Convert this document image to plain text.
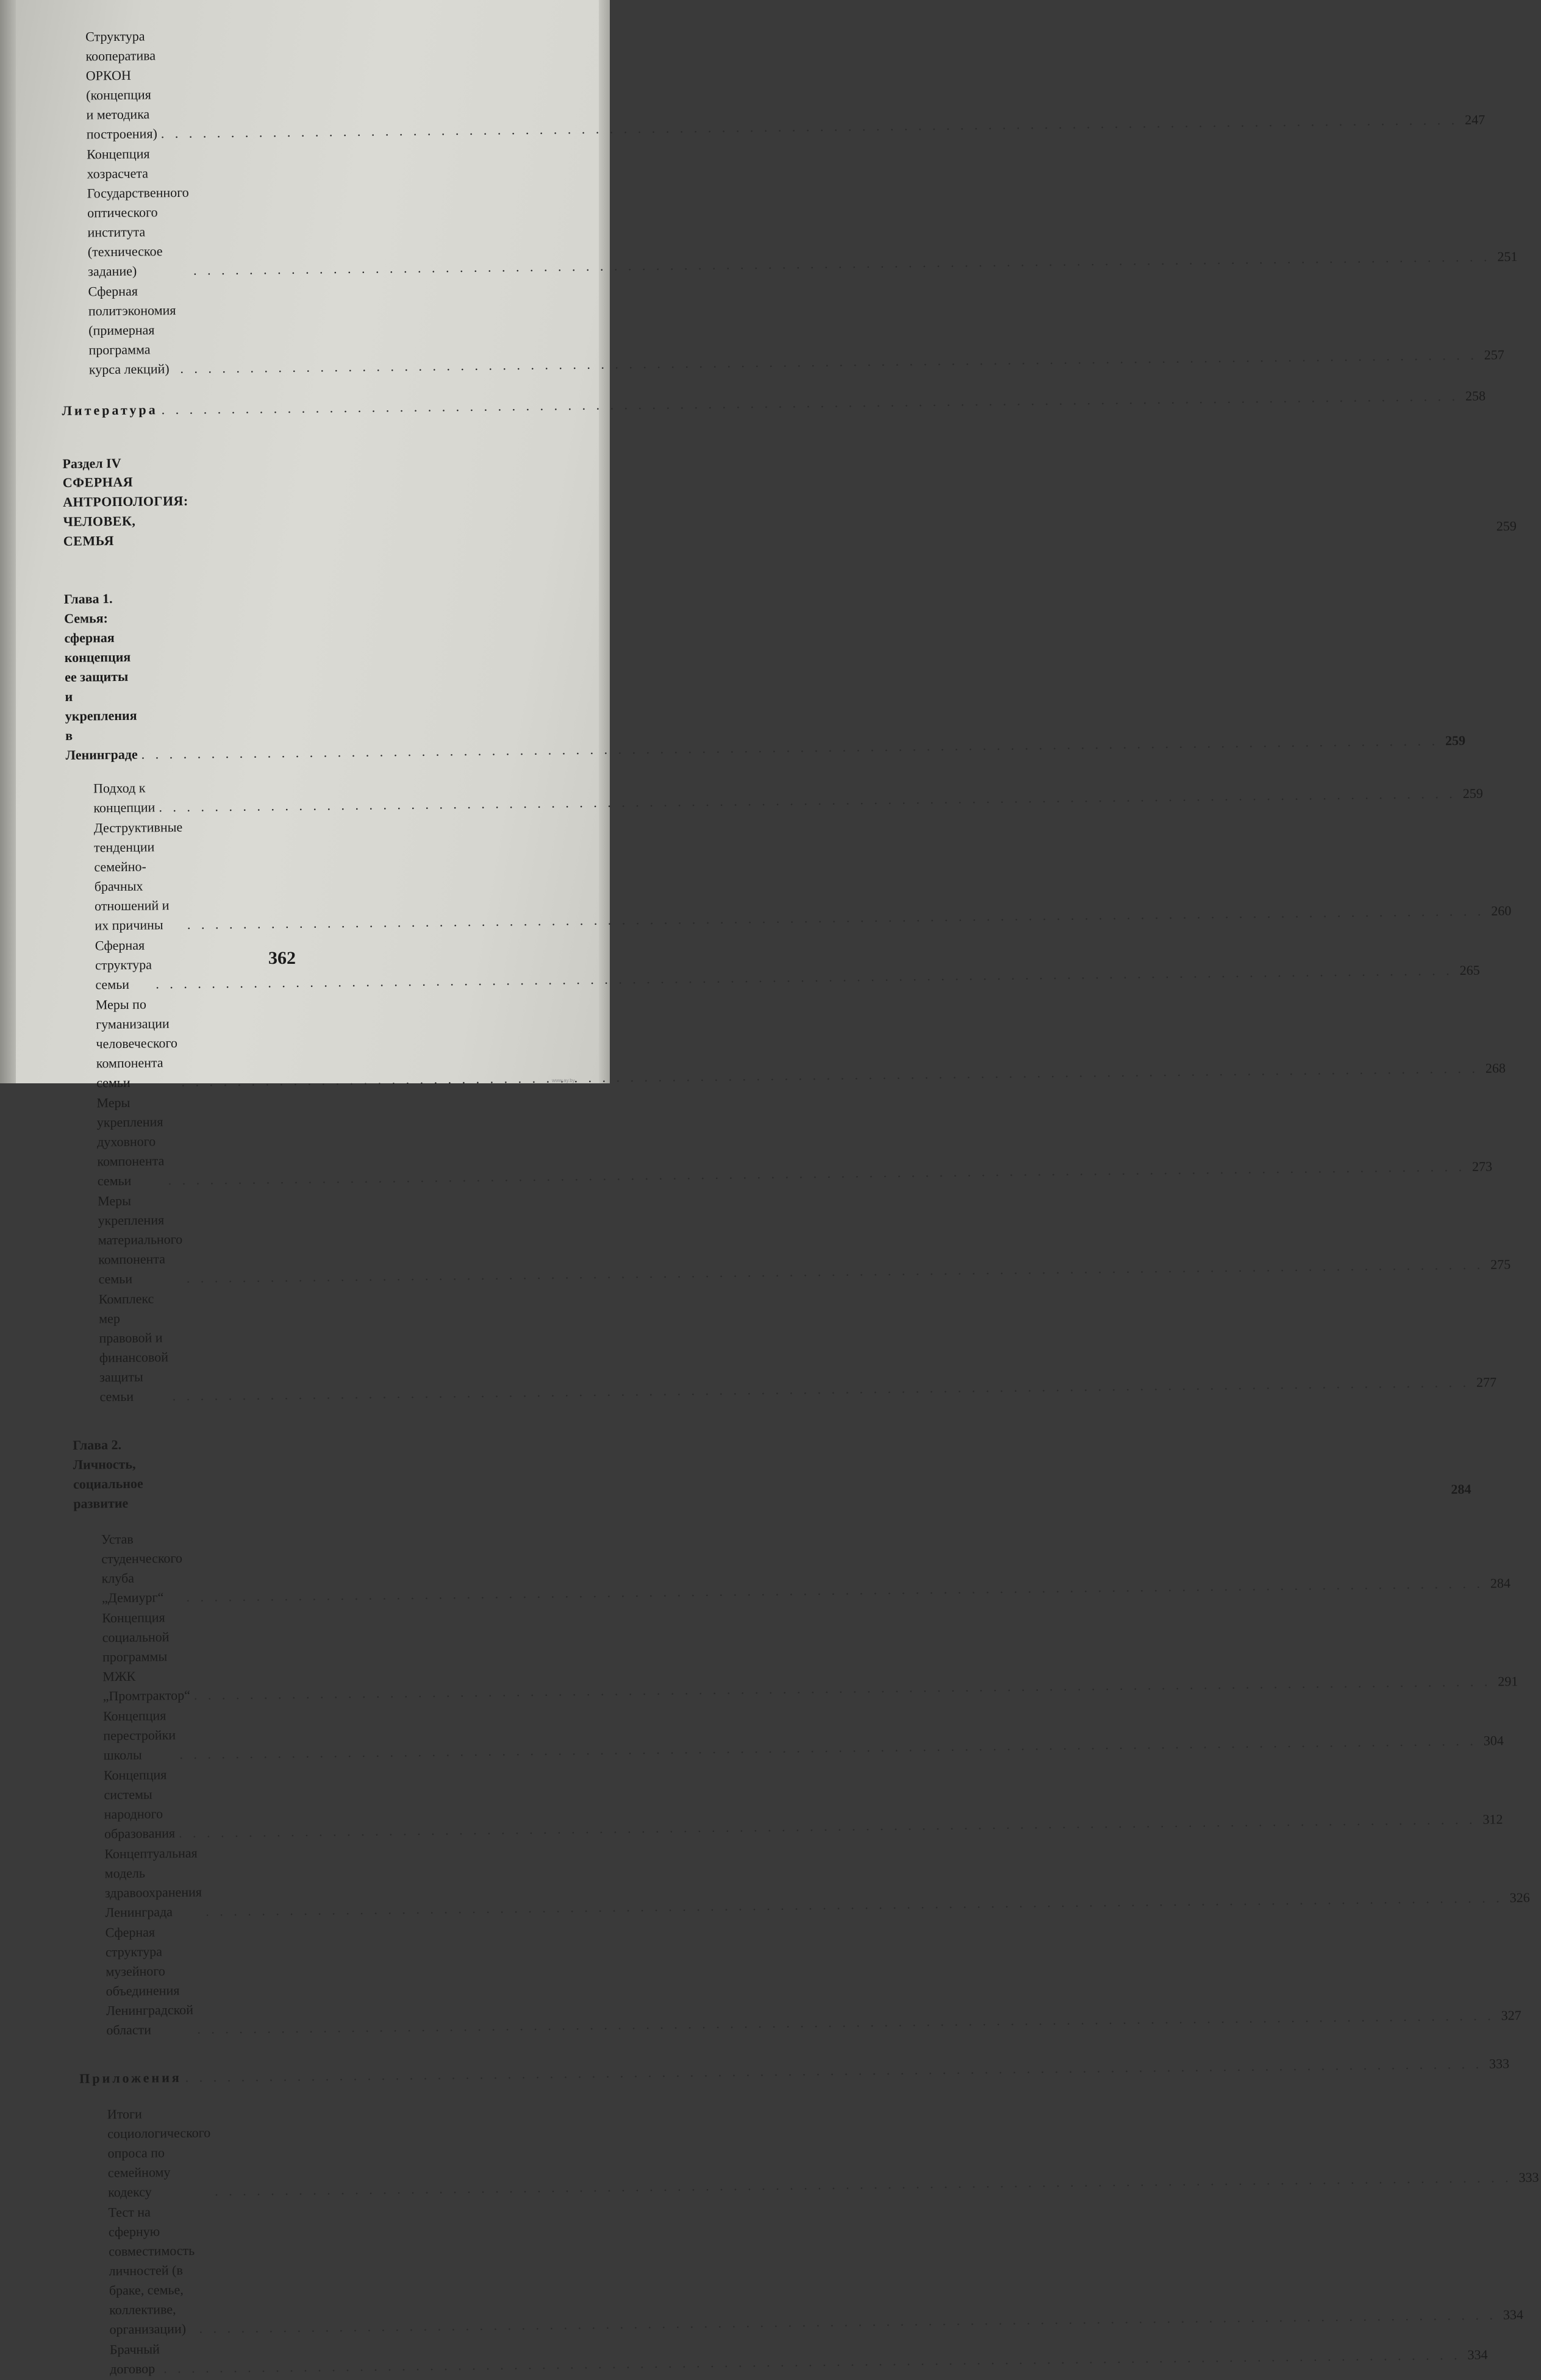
Структура кооператива ОРКОН (концепция и методика построения)
. . .
247
Концепция хозрасчета Государственного оптического института (техническое задание)
. . .
251
Сферная политэкономия (примерная программа курса лекций)
. . .
257
Литература
. . .
258
Раздел IV
СФЕРНАЯ АНТРОПОЛОГИЯ: ЧЕЛОВЕК, СЕМЬЯ
259
Глава 1. Семья: сферная концепция ее защиты и укрепления в Ленинграде
. . .
259
Подход к концепции
. . .
259
Деструктивные тенденции семейно-брачных отношений и их причины
. . .
260
Сферная структура семьи
. . .
265
Меры по гуманизации человеческого компонента семьи
. . .
268
Меры укрепления духовного компонента семьи
. . .
273
Меры укрепления материального компонента семьи
. . .
275
Комплекс мер правовой и финансовой защиты семьи
. . .
277
Глава 2. Личность, социальное развитие
284
Устав студенческого клуба „Демиург“
. . .
284
Концепция социальной программы МЖК „Промтрактор“
. . .
291
Концепция перестройки школы
. . .
304
Концепция системы народного образования
. . .
312
Концептуальная модель здравоохранения Ленинграда
. . .
326
Сферная структура музейного объединения Ленинградской области
. . .
327
Приложения
. . .
333
Итоги социологического опроса по семейному кодексу
. . .
333
Тест на сферную совместимость личностей (в браке, семье, коллективе, организации)
. . .
334
Брачный договор
. . .
334
362
www.ay.by
